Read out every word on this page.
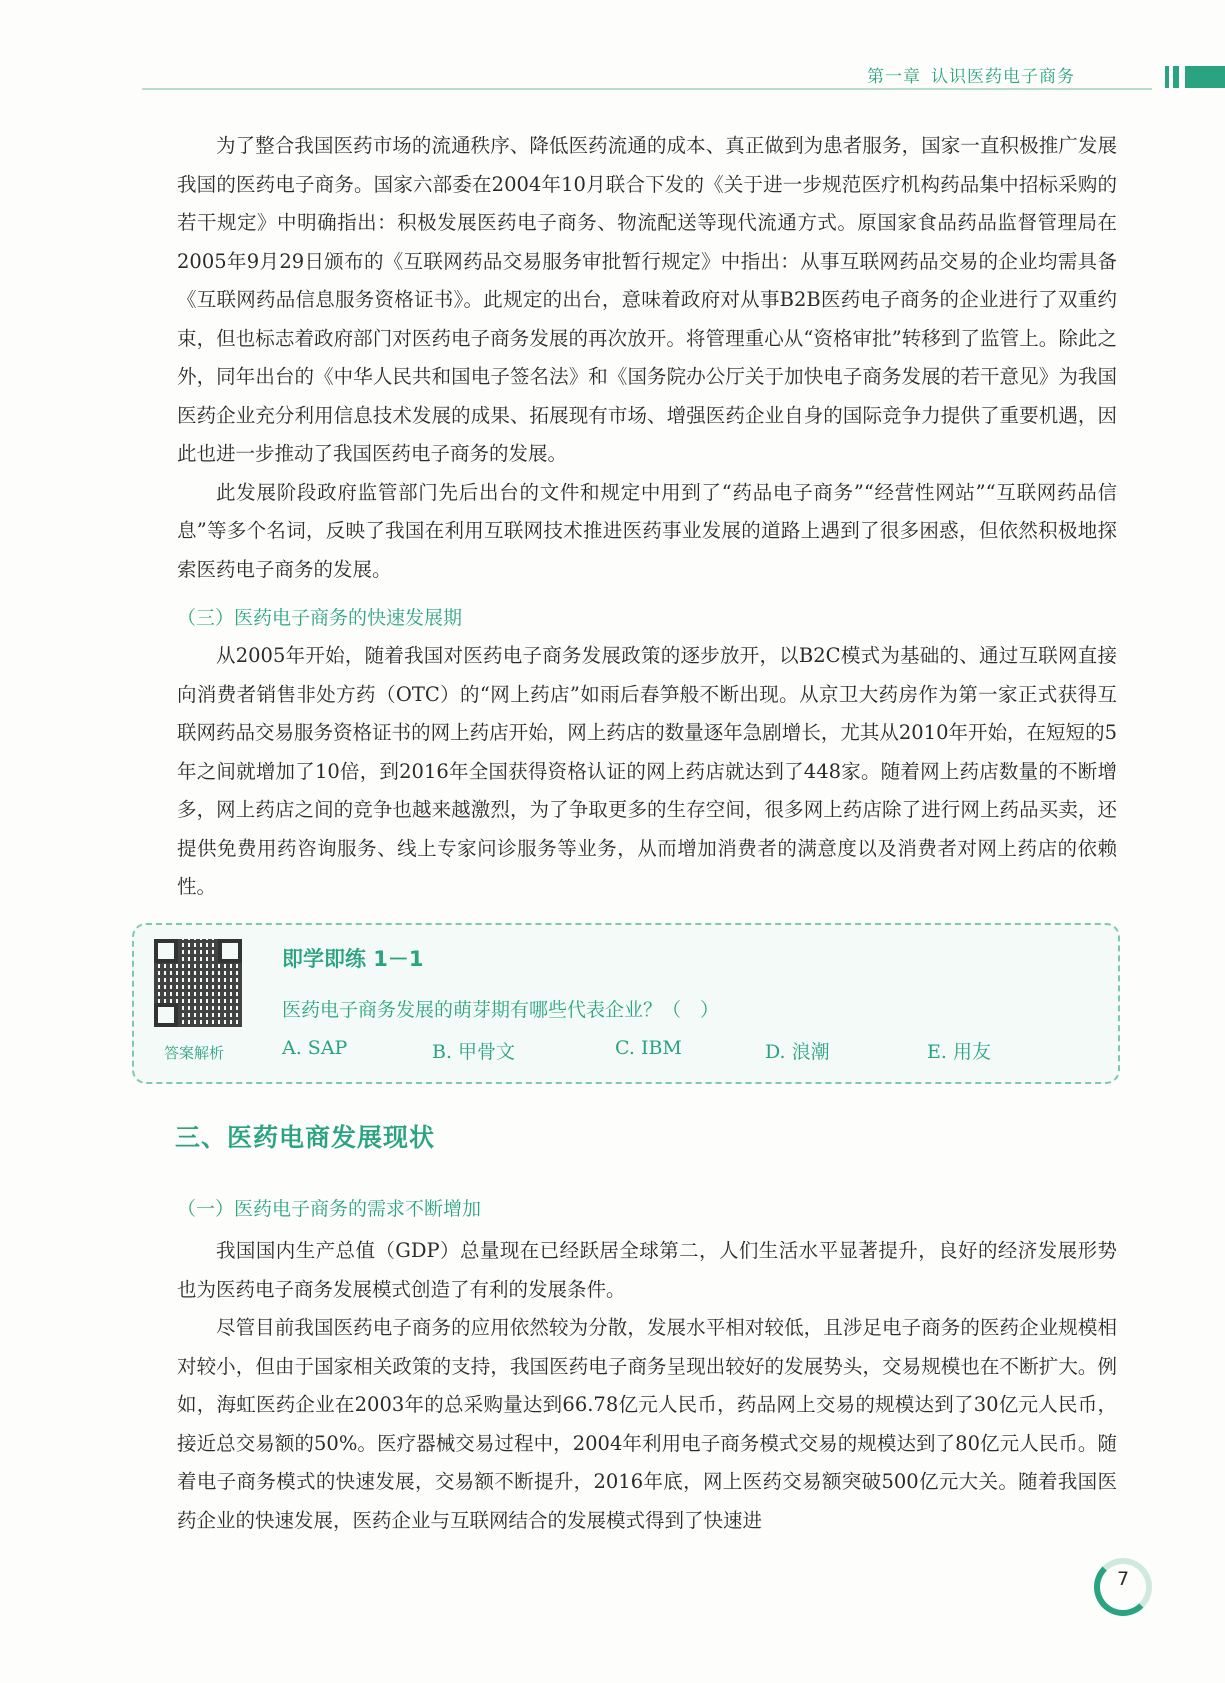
第一章 认识医药电子商务

为了整合我国医药市场的流通秩序、降低医药流通的成本、真正做到为患者服务，国家一直积极推广发展我国的医药电子商务。国家六部委在2004年10月联合下发的《关于进一步规范医疗机构药品集中招标采购的若干规定》中明确指出：积极发展医药电子商务、物流配送等现代流通方式。原国家食品药品监督管理局在2005年9月29日颁布的《互联网药品交易服务审批暂行规定》中指出：从事互联网药品交易的企业均需具备《互联网药品信息服务资格证书》。此规定的出台，意味着政府对从事B2B医药电子商务的企业进行了双重约束，但也标志着政府部门对医药电子商务发展的再次放开。将管理重心从“资格审批”转移到了监管上。除此之外，同年出台的《中华人民共和国电子签名法》和《国务院办公厅关于加快电子商务发展的若干意见》为我国医药企业充分利用信息技术发展的成果、拓展现有市场、增强医药企业自身的国际竞争力提供了重要机遇，因此也进一步推动了我国医药电子商务的发展。

此发展阶段政府监管部门先后出台的文件和规定中用到了“药品电子商务”“经营性网站”“互联网药品信息”等多个名词，反映了我国在利用互联网技术推进医药事业发展的道路上遇到了很多困惑，但依然积极地探索医药电子商务的发展。

（三）医药电子商务的快速发展期

从2005年开始，随着我国对医药电子商务发展政策的逐步放开，以B2C模式为基础的、通过互联网直接向消费者销售非处方药（OTC）的“网上药店”如雨后春笋般不断出现。从京卫大药房作为第一家正式获得互联网药品交易服务资格证书的网上药店开始，网上药店的数量逐年急剧增长，尤其从2010年开始，在短短的5年之间就增加了10倍，到2016年全国获得资格认证的网上药店就达到了448家。随着网上药店数量的不断增多，网上药店之间的竞争也越来越激烈，为了争取更多的生存空间，很多网上药店除了进行网上药品买卖，还提供免费用药咨询服务、线上专家问诊服务等业务，从而增加消费者的满意度以及消费者对网上药店的依赖性。

答案解析
即学即练 1－1
医药电子商务发展的萌芽期有哪些代表企业？（　）
A. SAP	B. 甲骨文	C. IBM	D. 浪潮	E. 用友
三、医药电商发展现状
（一）医药电子商务的需求不断增加

我国国内生产总值（GDP）总量现在已经跃居全球第二，人们生活水平显著提升，良好的经济发展形势也为医药电子商务发展模式创造了有利的发展条件。

尽管目前我国医药电子商务的应用依然较为分散，发展水平相对较低，且涉足电子商务的医药企业规模相对较小，但由于国家相关政策的支持，我国医药电子商务呈现出较好的发展势头，交易规模也在不断扩大。例如，海虹医药企业在2003年的总采购量达到66.78亿元人民币，药品网上交易的规模达到了30亿元人民币，接近总交易额的50%。医疗器械交易过程中，2004年利用电子商务模式交易的规模达到了80亿元人民币。随着电子商务模式的快速发展，交易额不断提升，2016年底，网上医药交易额突破500亿元大关。随着我国医药企业的快速发展，医药企业与互联网结合的发展模式得到了快速进

7
